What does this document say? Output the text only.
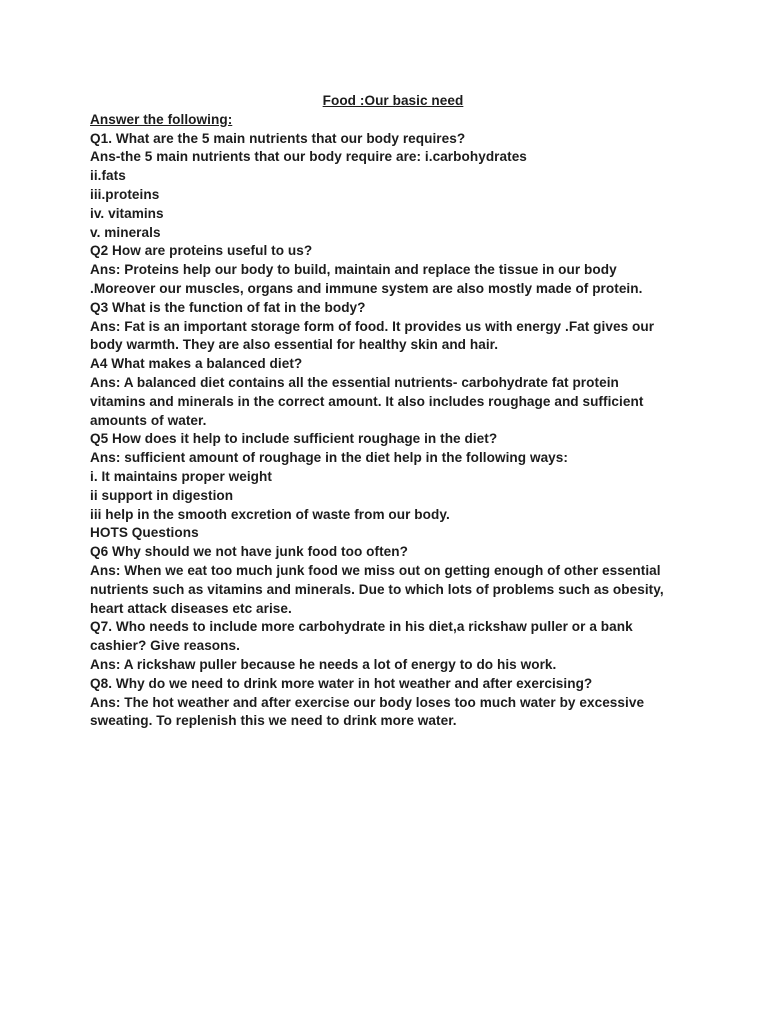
Food :Our basic need

Answer the following:

Q1. What are the 5 main nutrients that our body requires?

Ans-the 5 main nutrients that our body require are: i.carbohydrates

ii.fats

iii.proteins

iv. vitamins

v. minerals

Q2 How are proteins useful to us?

Ans: Proteins help our body to build, maintain and replace the tissue in our body

.Moreover our muscles, organs and immune system are also mostly made of protein.

Q3 What is the function of fat in the body?

Ans: Fat is an important storage form of food. It provides us with energy .Fat gives our

body warmth. They are also essential for healthy skin and hair.

A4 What makes a balanced diet?

Ans: A balanced diet contains all the essential nutrients- carbohydrate fat protein

vitamins and minerals in the correct amount. It also includes roughage and sufficient

amounts of water.

Q5 How does it help to include sufficient roughage in the diet?

Ans: sufficient amount of roughage in the diet help in the following ways:

i. It maintains proper weight

ii support in digestion

iii help in the smooth excretion of waste from our body.

HOTS Questions

Q6 Why should we not have junk food too often?

Ans: When we eat too much junk food we miss out on getting enough of other essential

nutrients such as vitamins and minerals. Due to which lots of problems such as obesity,

heart attack diseases etc arise.

Q7. Who needs to include more carbohydrate in his diet,a rickshaw puller or a bank

cashier? Give reasons.

Ans: A rickshaw puller because he needs a lot of energy to do his work.

Q8. Why do we need to drink more water in hot weather and after exercising?

Ans: The hot weather and after exercise our body loses too much water by excessive

sweating. To replenish this we need to drink more water.
